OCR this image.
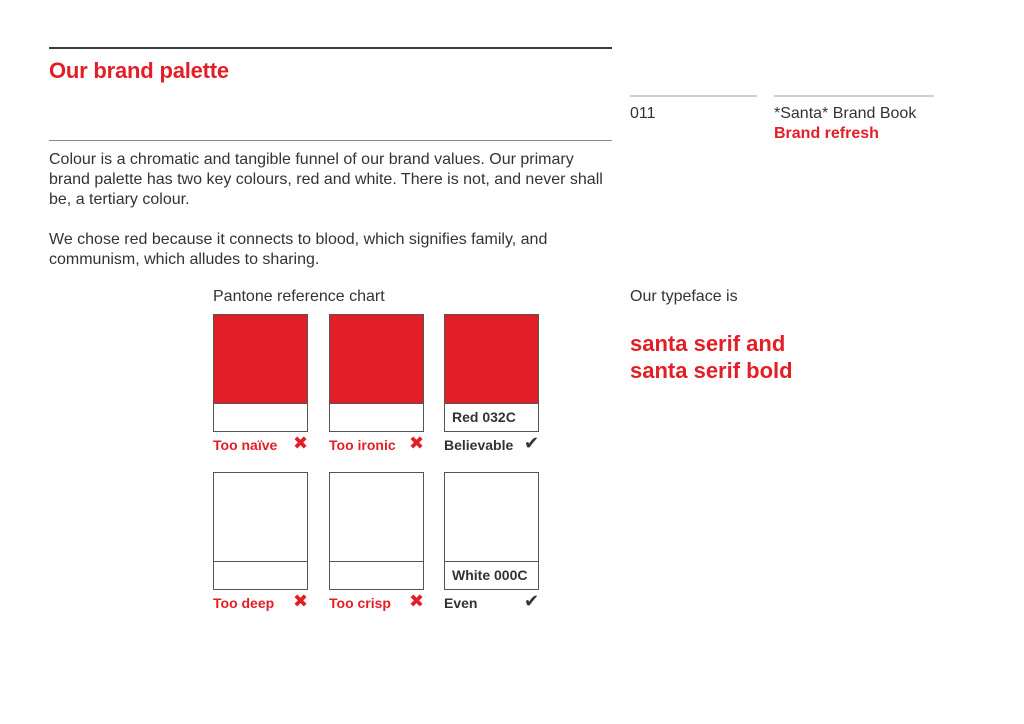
Our brand palette
011	*Santa* Brand Book
Brand refresh
Colour is a chromatic and tangible funnel of our brand values. Our primary brand palette has two key colours, red and white. There is not, and never shall be, a tertiary colour.
We chose red because it connects to blood, which signifies family, and communism, which alludes to sharing.
Pantone reference chart
Too naïve ✖ Too ironic ✖
Red 032C
Believable ✔
Too deep ✖ Too crisp ✖
White 000C
Even	✔
Our typeface is
santa serif and
santa serif bold
